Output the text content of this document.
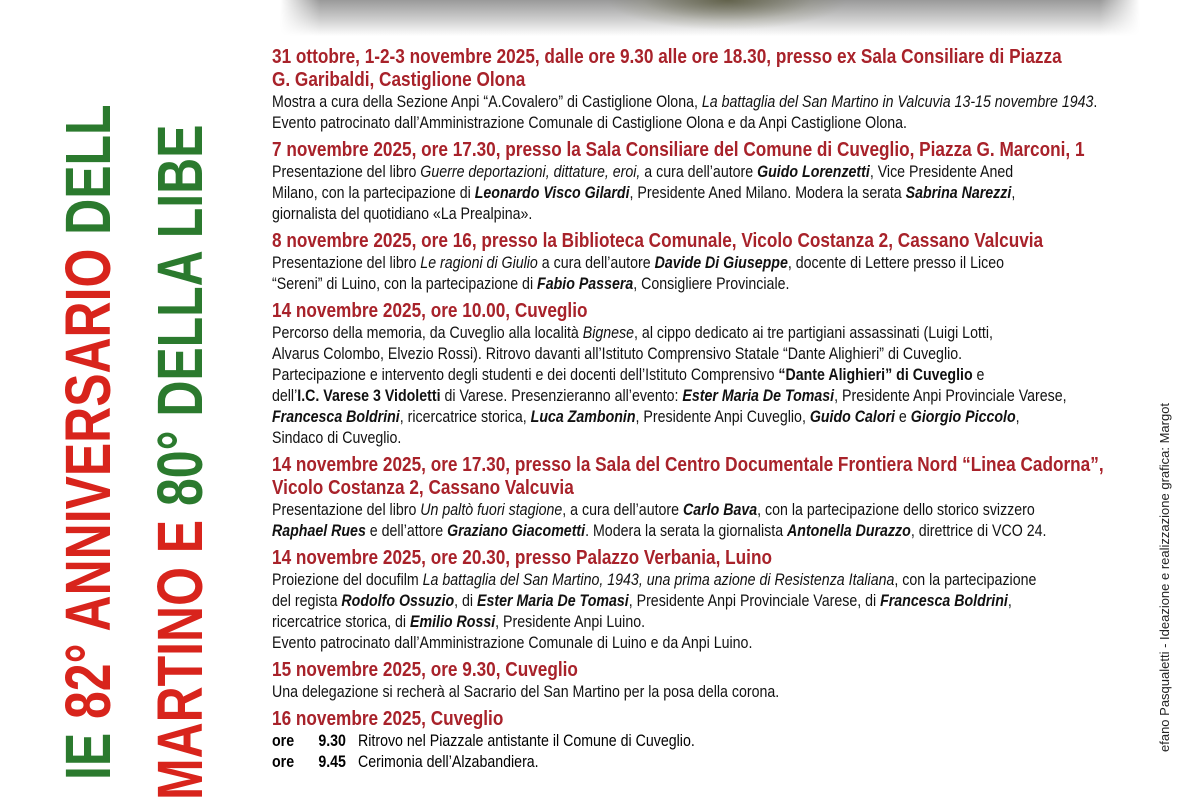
IE 82° ANNIVERSARIO DELL
MARTINO E 80° DELLA LIBE
31 ottobre, 1-2-3 novembre 2025, dalle ore 9.30 alle ore 18.30, presso ex Sala Consiliare di Piazza
G. Garibaldi, Castiglione Olona
Mostra a cura della Sezione Anpi “A.Covalero” di Castiglione Olona, La battaglia del San Martino in Valcuvia 13-15 novembre 1943.
Evento patrocinato dall’Amministrazione Comunale di Castiglione Olona e da Anpi Castiglione Olona.
7 novembre 2025, ore 17.30, presso la Sala Consiliare del Comune di Cuveglio, Piazza G. Marconi, 1
Presentazione del libro Guerre deportazioni, dittature, eroi, a cura dell’autore Guido Lorenzetti, Vice Presidente Aned
Milano, con la partecipazione di Leonardo Visco Gilardi, Presidente Aned Milano. Modera la serata Sabrina Narezzi,
giornalista del quotidiano «La Prealpina».
8 novembre 2025, ore 16, presso la Biblioteca Comunale, Vicolo Costanza 2, Cassano Valcuvia
Presentazione del libro Le ragioni di Giulio a cura dell’autore Davide Di Giuseppe, docente di Lettere presso il Liceo
“Sereni” di Luino, con la partecipazione di Fabio Passera, Consigliere Provinciale.
14 novembre 2025, ore 10.00, Cuveglio
Percorso della memoria, da Cuveglio alla località Bignese, al cippo dedicato ai tre partigiani assassinati (Luigi Lotti,
Alvarus Colombo, Elvezio Rossi). Ritrovo davanti all’Istituto Comprensivo Statale “Dante Alighieri” di Cuveglio.
Partecipazione e intervento degli studenti e dei docenti dell’Istituto Comprensivo “Dante Alighieri” di Cuveglio e
dell’I.C. Varese 3 Vidoletti di Varese. Presenzieranno all’evento: Ester Maria De Tomasi, Presidente Anpi Provinciale Varese,
Francesca Boldrini, ricercatrice storica, Luca Zambonin, Presidente Anpi Cuveglio, Guido Calori e Giorgio Piccolo,
Sindaco di Cuveglio.
14 novembre 2025, ore 17.30, presso la Sala del Centro Documentale Frontiera Nord “Linea Cadorna”,
Vicolo Costanza 2, Cassano Valcuvia
Presentazione del libro Un paltò fuori stagione, a cura dell’autore Carlo Bava, con la partecipazione dello storico svizzero
Raphael Rues e dell’attore Graziano Giacometti. Modera la serata la giornalista Antonella Durazzo, direttrice di VCO 24.
14 novembre 2025, ore 20.30, presso Palazzo Verbania, Luino
Proiezione del docufilm La battaglia del San Martino, 1943, una prima azione di Resistenza Italiana, con la partecipazione
del regista Rodolfo Ossuzio, di Ester Maria De Tomasi, Presidente Anpi Provinciale Varese, di Francesca Boldrini,
ricercatrice storica, di Emilio Rossi, Presidente Anpi Luino.
Evento patrocinato dall’Amministrazione Comunale di Luino e da Anpi Luino.
15 novembre 2025, ore 9.30, Cuveglio
Una delegazione si recherà al Sacrario del San Martino per la posa della corona.
16 novembre 2025, Cuveglio
ore	9.30 Ritrovo nel Piazzale antistante il Comune di Cuveglio.
ore	9.45 Cerimonia dell’Alzabandiera.
efano Pasqualetti - Ideazione e realizzazione grafica: Margot
